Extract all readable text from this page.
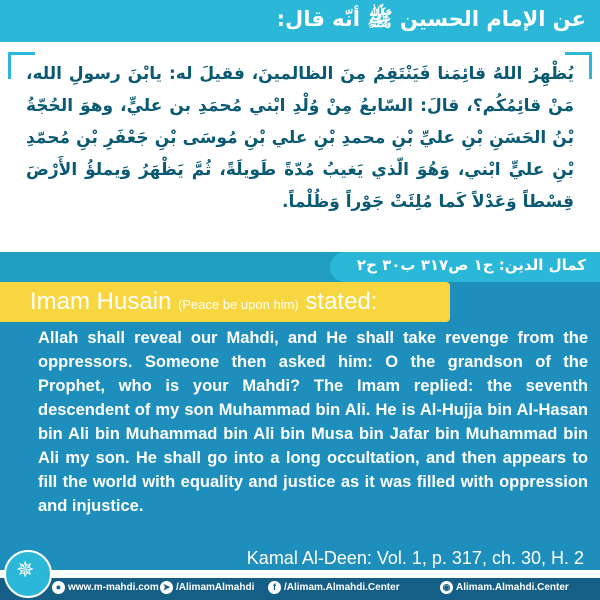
عن الإمام الحسين ﷺ أنّه قال:
يُظْهِرُ اللهُ قائِمَنا فَيَنْتَقِمُ مِنَ الظالمينَ، فقيلَ له: يابْنَ رسولِ الله، مَنْ قائِمُكُم؟، قالَ: السّابعُ مِنْ وُلْدِ ابْني مُحمَدِ بن عليٍّ، وهوَ الحُجّةُ بْنُ الحَسَنِ بْنِ عليِّ بْنِ محمدِ بْنِ علي بْنِ مُوسَى بْنِ جَعْفَرِ بْنِ مُحمّدِ بْنِ عليٍّ ابْني، وَهُوَ الّذي يَغيبُ مُدّةً طَويلَةً، ثُمَّ يَظْهَرُ وَيملؤُ الأَرْضَ قِسْطاً وَعَدْلاً كَما مُلِئَتْ جَوْراً وَظُلْماً.
كمال الدين: ج١ ص٣١٧ ب٣٠ ح٢
Imam Husain (Peace be upon him) stated:
Allah shall reveal our Mahdi, and He shall take revenge from the oppressors. Someone then asked him: O the grandson of the Prophet, who is your Mahdi? The Imam replied: the seventh descendent of my son Muhammad bin Ali. He is Al-Hujja bin Al-Hasan bin Ali bin Muhammad bin Ali bin Musa bin Jafar bin Muhammad bin Ali my son. He shall go into a long occultation, and then appears to fill the world with equality and justice as it was filled with oppression and injustice.
Kamal Al-Deen: Vol. 1, p. 317, ch. 30, H. 2
● www.m-mahdi.com ➤ /AlimamAlmahdi	f /Alimam.Almahdi.Center	◉ Alimam.Almahdi.Center
✵
